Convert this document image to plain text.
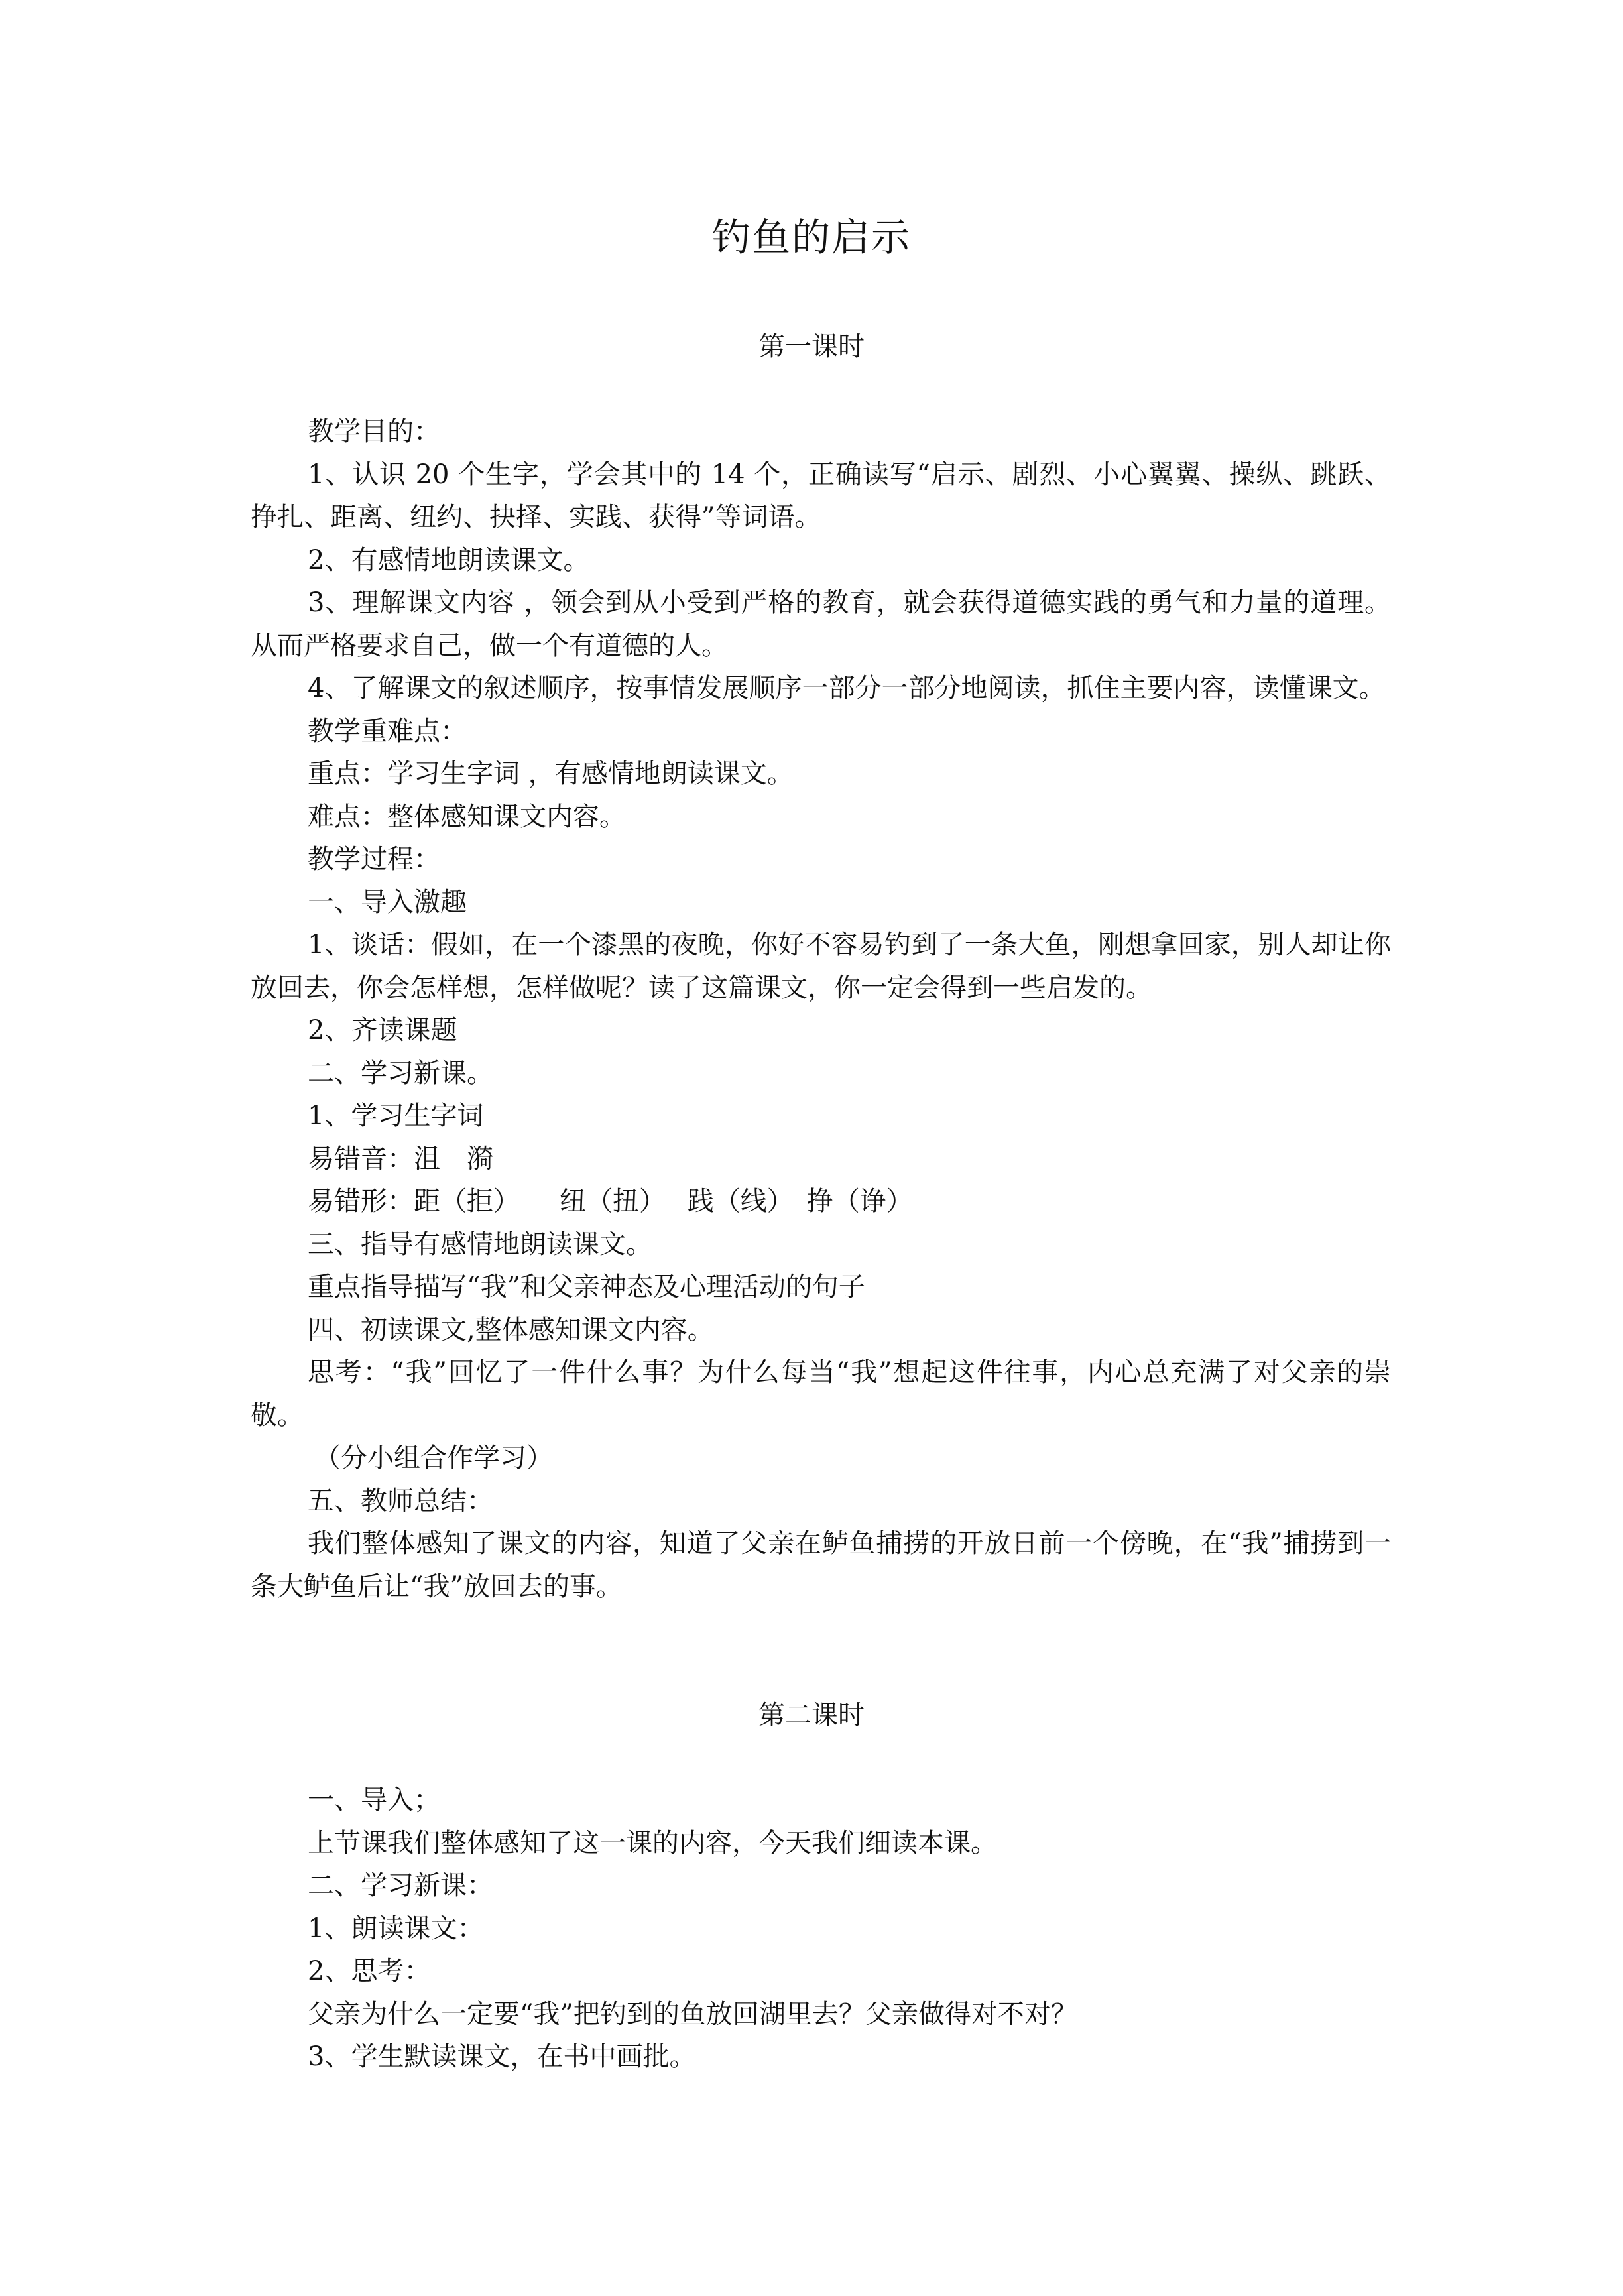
钓鱼的启示
第一课时

教学目的：

1、认识 20 个生字，学会其中的 14 个，正确读写“启示、剧烈、小心翼翼、操纵、跳跃、挣扎、距离、纽约、抉择、实践、获得”等词语。

2、有感情地朗读课文。

3、理解课文内容 ，领会到从小受到严格的教育，就会获得道德实践的勇气和力量的道理。从而严格要求自己，做一个有道德的人。

4、了解课文的叙述顺序，按事情发展顺序一部分一部分地阅读，抓住主要内容，读懂课文。

教学重难点：

重点：学习生字词 ，有感情地朗读课文。

难点：整体感知课文内容。

教学过程：

一、导入激趣

1、谈话：假如，在一个漆黑的夜晚，你好不容易钓到了一条大鱼，刚想拿回家，别人却让你放回去，你会怎样想，怎样做呢？读了这篇课文，你一定会得到一些启发的。

2、齐读课题

二、学习新课。

1、学习生字词

易错音：沮　漪

易错形：距（拒）　　纽（扭）　 践（线）　挣（诤）

三、指导有感情地朗读课文。

重点指导描写“我”和父亲神态及心理活动的句子

四、初读课文,整体感知课文内容。

思考：“我”回忆了一件什么事？为什么每当“我”想起这件往事，内心总充满了对父亲的崇敬。

（分小组合作学习）

五、教师总结：

我们整体感知了课文的内容，知道了父亲在鲈鱼捕捞的开放日前一个傍晚，在“我”捕捞到一条大鲈鱼后让“我”放回去的事。

第二课时

一、导入；

上节课我们整体感知了这一课的内容，今天我们细读本课。

二、学习新课：

1、朗读课文：

2、思考：

父亲为什么一定要“我”把钓到的鱼放回湖里去？父亲做得对不对？

3、学生默读课文，在书中画批。
